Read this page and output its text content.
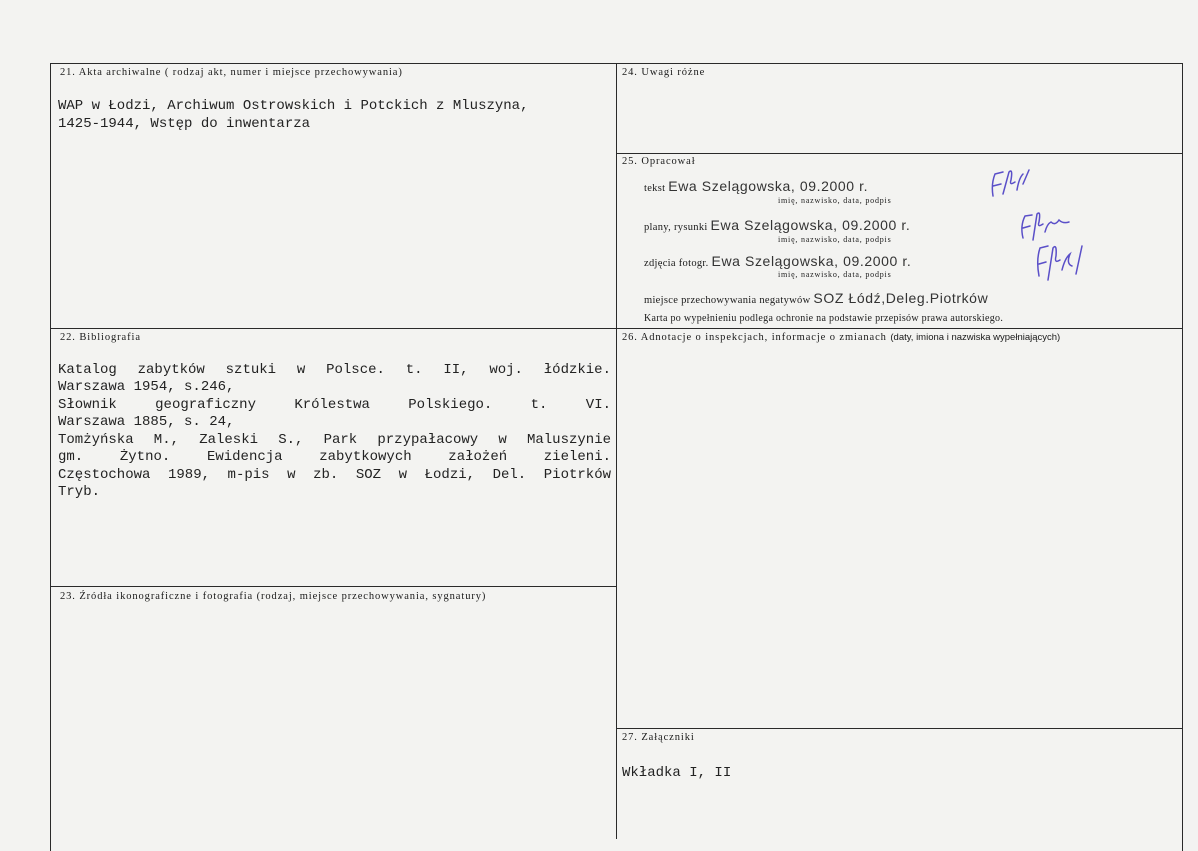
21. Akta archiwalne ( rodzaj akt, numer i miejsce przechowywania)
WAP w Łodzi, Archiwum Ostrowskich i Potckich z Mluszyna,
1425-1944, Wstęp do inwentarza
24. Uwagi różne
25. Opracował
tekst Ewa Szelągowska, 09.2000 r.
imię, nazwisko, data, podpis
plany, rysunki Ewa Szelągowska, 09.2000 r.
imię, nazwisko, data, podpis
zdjęcia fotogr. Ewa Szelągowska, 09.2000 r.
imię, nazwisko, data, podpis
miejsce przechowywania negatywów SOZ Łódź,Deleg.Piotrków
Karta po wypełnieniu podlega ochronie na podstawie przepisów prawa autorskiego.
22. Bibliografia
Katalog zabytków sztuki w Polsce. t. II, woj. łódzkie.
Warszawa 1954, s.246,
Słownik geograficzny Królestwa Polskiego. t. VI.
Warszawa 1885, s. 24,
Tomżyńska M., Zaleski S., Park przypałacowy w Maluszynie
gm. Żytno. Ewidencja zabytkowych założeń zieleni.
Częstochowa 1989, m-pis w zb. SOZ w Łodzi, Del. Piotrków
Tryb.
26. Adnotacje o inspekcjach, informacje o zmianach (daty, imiona i nazwiska wypełniających)
23. Źródła ikonograficzne i fotografia (rodzaj, miejsce przechowywania, sygnatury)
27. Załączniki
Wkładka I, II
